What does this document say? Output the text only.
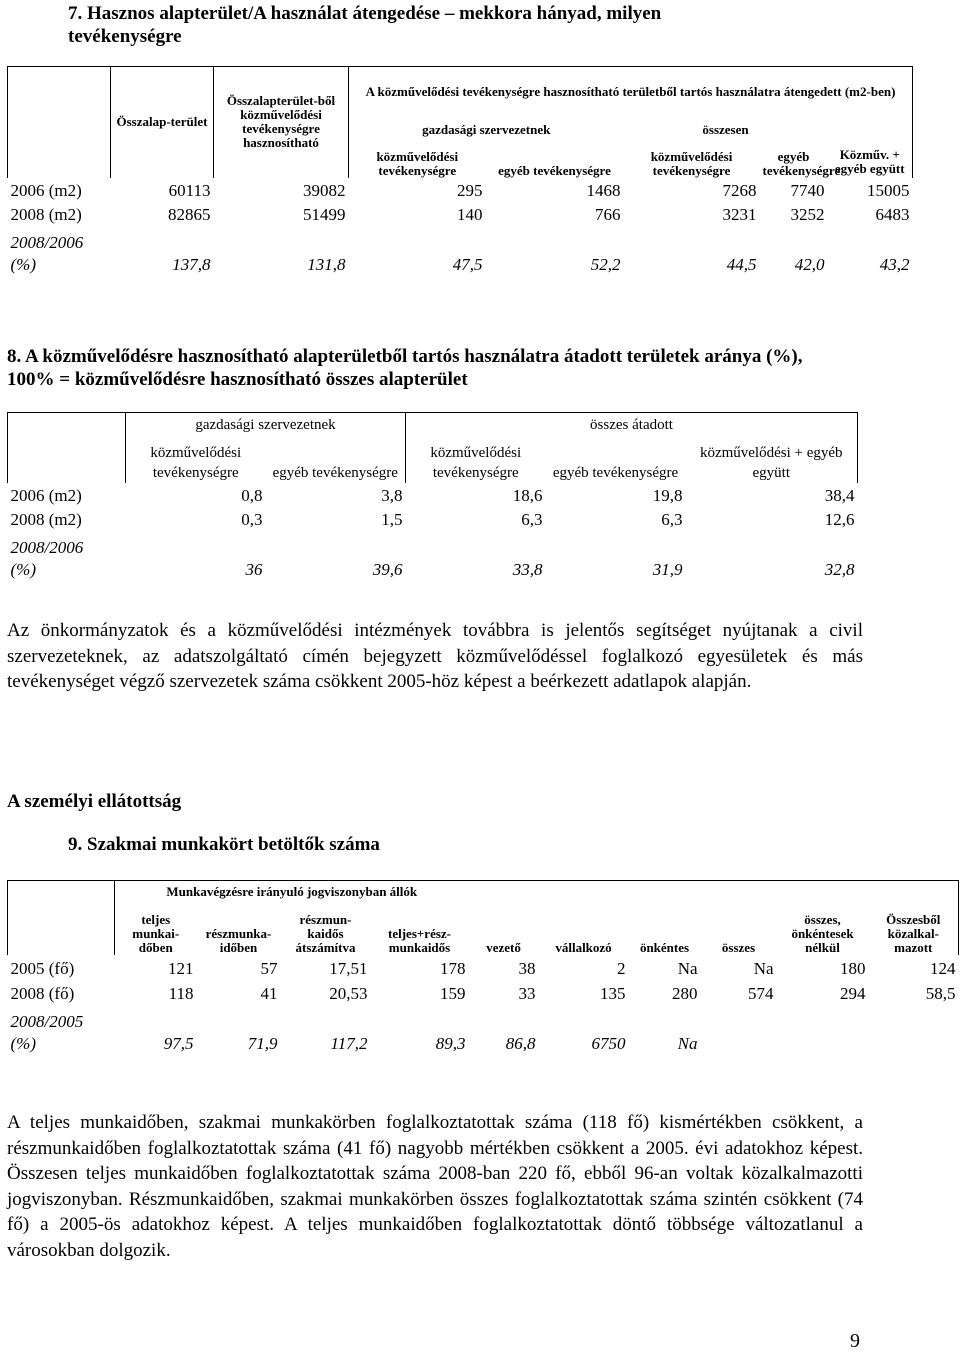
7. Hasznos alapterület/A használat átengedése – mekkora hányad, milyen
tevékenységre
	Összalap-terület	Összalapterület-ből közművelődési tevékenységre hasznosítható	A közművelődési tevékenységre hasznosítható területből tartós használatra átengedett (m2-ben)				
			gazdasági szervezetnek		összesen		Közműv. + egyéb együtt
			közművelődési tevékenységre	egyéb tevékenységre	közművelődési tevékenységre	egyéb tevékenységre	
2006 (m2)	60113	39082	295	1468	7268	7740	15005
2008 (m2)	82865	51499	140	766	3231	3252	6483

2008/2006
(%)	137,8	131,8	47,5	52,2	44,5	42,0	43,2
8. A közművelődésre hasznosítható alapterületből tartós használatra átadott területek aránya (%), 100% = közművelődésre hasznosítható összes alapterület
	gazdasági szervezetnek		összes átadott		
	közművelődési tevékenységre	egyéb tevékenységre	közművelődési tevékenységre	egyéb tevékenységre	közművelődési + egyéb együtt
2006 (m2)	0,8	3,8	18,6	19,8	38,4
2008 (m2)	0,3	1,5	6,3	6,3	12,6

2008/2006
(%)	36	39,6	33,8	31,9	32,8
Az önkormányzatok és a közművelődési intézmények továbbra is jelentős segítséget nyújtanak a civil szervezeteknek, az adatszolgáltató címén bejegyzett közművelődéssel foglalkozó egyesületek és más tevékenységet végző szervezetek száma csökkent 2005-höz képest a beérkezett adatlapok alapján.
A személyi ellátottság
9. Szakmai munkakört betöltők száma
	Munkavégzésre irányuló jogviszonyban állók								összes, önkéntesek nélkül	Összesből közalkal-mazott
	teljes munkai-dőben	részmunka-időben	részmun-kaidős átszámítva	teljes+rész-munkaidős	vezető	vállalkozó	önkéntes	összes		
2005 (fő)	121	57	17,51	178	38	2	Na	Na	180	124
2008 (fő)	118	41	20,53	159	33	135	280	574	294	58,5

2008/2005
(%)	97,5	71,9	117,2	89,3	86,8	6750	Na			
A teljes munkaidőben, szakmai munkakörben foglalkoztatottak száma (118 fő) kismértékben csökkent, a részmunkaidőben foglalkoztatottak száma (41 fő) nagyobb mértékben csökkent a 2005. évi adatokhoz képest. Összesen teljes munkaidőben foglalkoztatottak száma 2008-ban 220 fő, ebből 96-an voltak közalkalmazotti jogviszonyban. Részmunkaidőben, szakmai munkakörben összes foglalkoztatottak száma szintén csökkent (74 fő) a 2005-ös adatokhoz képest. A teljes munkaidőben foglalkoztatottak döntő többsége változatlanul a városokban dolgozik.
9
